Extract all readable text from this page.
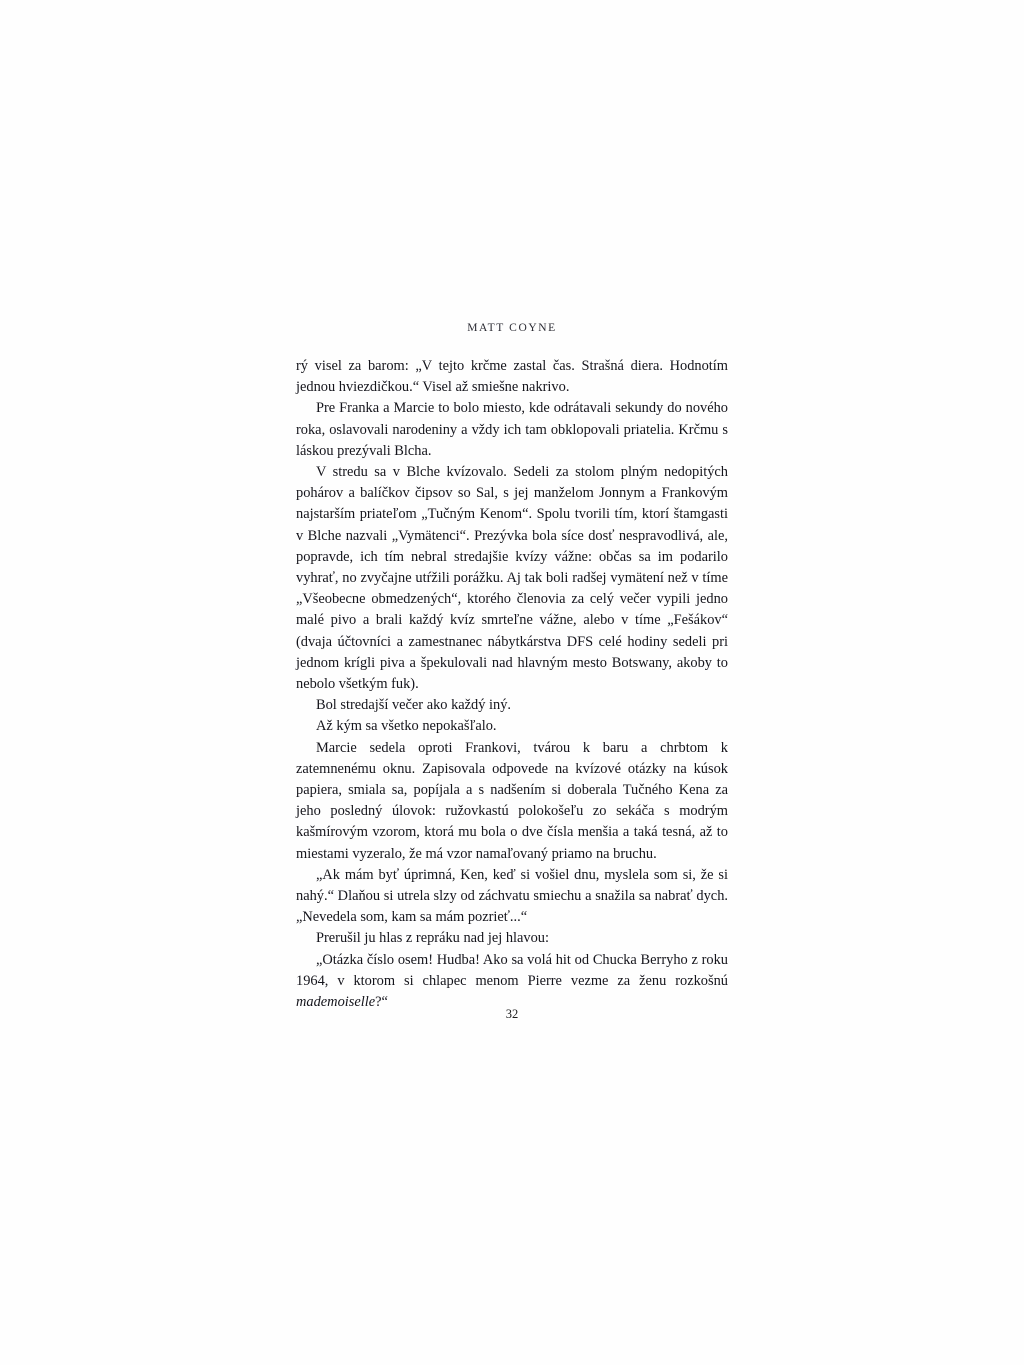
MATT COYNE

rý visel za barom: „V tejto krčme zastal čas. Strašná diera. Hodnotím jednou hviezdičkou.“ Visel až smiešne nakrivo.

Pre Franka a Marcie to bolo miesto, kde odrátavali sekundy do nového roka, oslavovali narodeniny a vždy ich tam obklopovali priatelia. Krčmu s láskou prezývali Blcha.

V stredu sa v Blche kvízovalo. Sedeli za stolom plným nedopitých pohárov a balíčkov čipsov so Sal, s jej manželom Jonnym a Frankovým najstarším priateľom „Tučným Kenom“. Spolu tvorili tím, ktorí štamgasti v Blche nazvali „Vymätenci“. Prezývka bola síce dosť nespravodlivá, ale, popravde, ich tím nebral stredajšie kvízy vážne: občas sa im podarilo vyhrať, no zvyčajne utŕžili porážku. Aj tak boli radšej vymätení než v tíme „Všeobecne obmedzených“, ktorého členovia za celý večer vypili jedno malé pivo a brali každý kvíz smrteľne vážne, alebo v tíme „Fešákov“ (dvaja účtovníci a zamestnanec nábytkárstva DFS celé hodiny sedeli pri jednom krígli piva a špekulovali nad hlavným mesto Botswany, akoby to nebolo všetkým fuk).

Bol stredajší večer ako každý iný.

Až kým sa všetko nepokašľalo.

Marcie sedela oproti Frankovi, tvárou k baru a chrbtom k zatemnenému oknu. Zapisovala odpovede na kvízové otázky na kúsok papiera, smiala sa, popíjala a s nadšením si doberala Tučného Kena za jeho posledný úlovok: ružovkastú polokošeľu zo sekáča s modrým kašmírovým vzorom, ktorá mu bola o dve čísla menšia a taká tesná, až to miestami vyzeralo, že má vzor namaľovaný priamo na bruchu.

„Ak mám byť úprimná, Ken, keď si vošiel dnu, myslela som si, že si nahý.“ Dlaňou si utrela slzy od záchvatu smiechu a snažila sa nabrať dych. „Nevedela som, kam sa mám pozrieť...“

Prerušil ju hlas z repráku nad jej hlavou:

„Otázka číslo osem! Hudba! Ako sa volá hit od Chucka Berryho z roku 1964, v ktorom si chlapec menom Pierre vezme za ženu rozkošnú mademoiselle?“

32
